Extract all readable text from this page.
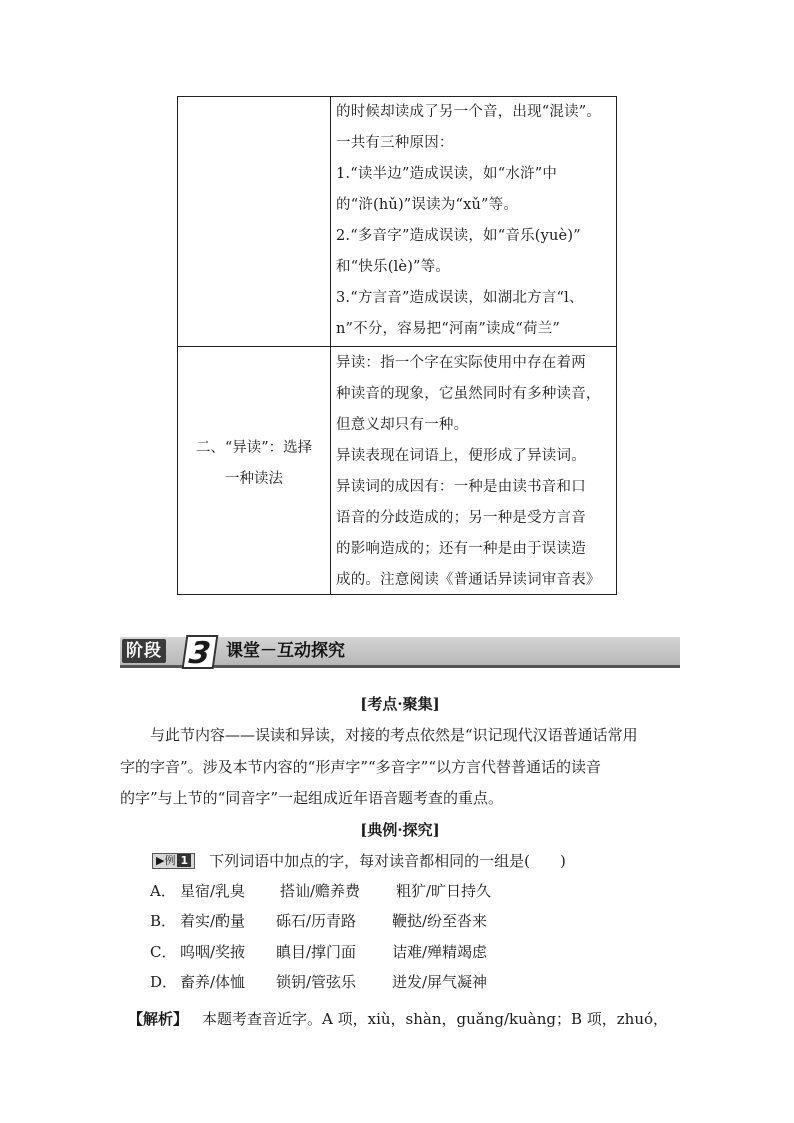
的时候却读成了另一个音，出现“混读”。
一共有三种原因：
1.“读半边”造成误读，如“水浒”中
的“浒(hǔ)”误读为“xǔ”等。
2.“多音字”造成误读，如“音乐(yuè)”
和“快乐(lè)”等。
3.“方言音”造成误读，如湖北方言“l、
n”不分，容易把“河南”读成“荷兰”
二、“异读”：选择
一种读法
异读：指一个字在实际使用中存在着两
种读音的现象，它虽然同时有多种读音，
但意义却只有一种。
异读表现在词语上，便形成了异读词。
异读词的成因有：一种是由读书音和口
语音的分歧造成的；另一种是受方言音
的影响造成的；还有一种是由于误读造
成的。注意阅读《普通话异读词审音表》
阶段 3 课堂－互动探究
[考点·聚集]
与此节内容——误读和异读，对接的考点依然是“识记现代汉语普通话常用
字的字音”。涉及本节内容的“形声字”“多音字”“以方言代替普通话的读音
的字”与上节的“同音字”一起组成近年语音题考查的重点。
[典例·探究]
▶例 1 下列词语中加点的字，每对读音都相同的一组是(　　)
A． 星宿/乳臭 搭讪/赡养费 粗犷/旷日持久
B． 着实/酌量 砾石/历青路 鞭挞/纷至沓来
C． 呜咽/奖掖 瞋目/撑门面 诘难/殚精竭虑
D． 畜养/体恤 锁钥/管弦乐 迸发/屏气凝神
【解析】 本题考查音近字。A 项，xiù，shàn，guǎng/kuàng；B 项，zhuó，
